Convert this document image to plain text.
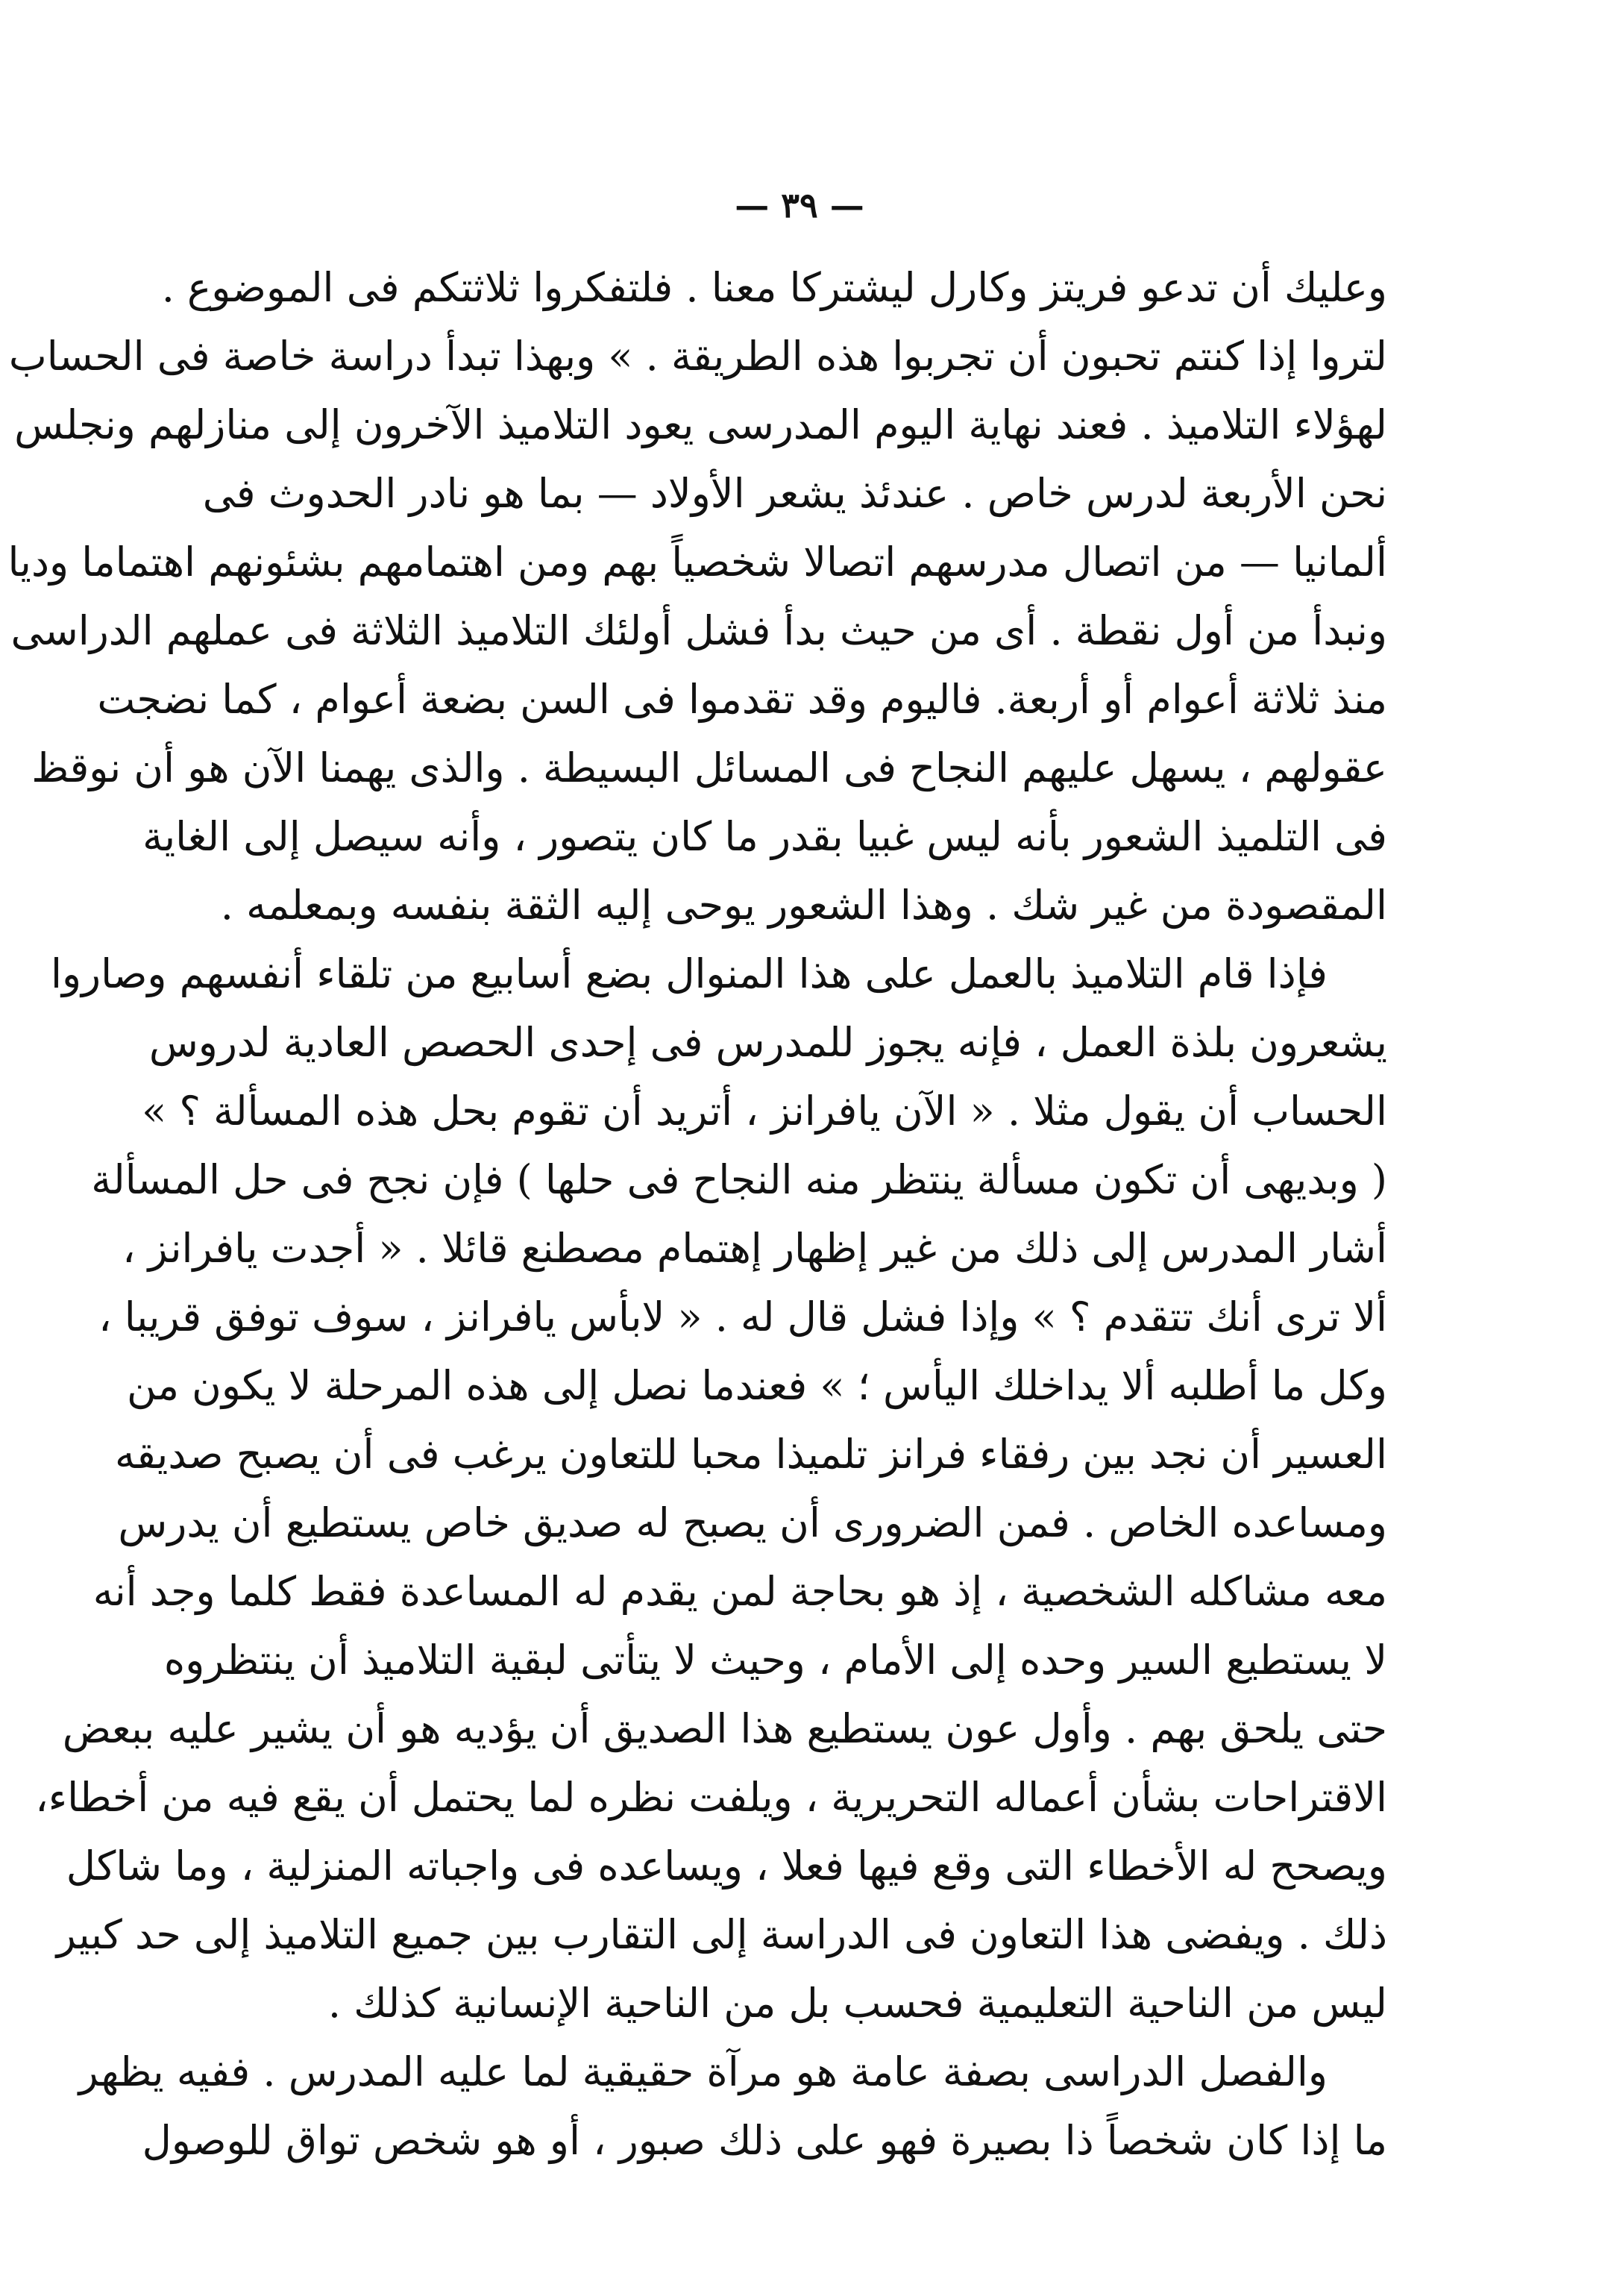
— ٣٩ —
وعليك أن تدعو فريتز وكارل ليشتركا معنا . فلتفكروا ثلاثتكم فى الموضوع .
لتروا إذا كنتم تحبون أن تجربوا هذه الطريقة . » وبهذا تبدأ دراسة خاصة فى الحساب
لهؤلاء التلاميذ . فعند نهاية اليوم المدرسى يعود التلاميذ الآخرون إلى منازلهم ونجلس
نحن الأربعة لدرس خاص . عندئذ يشعر الأولاد — بما هو نادر الحدوث فى
ألمانيا — من اتصال مدرسهم اتصالا شخصياً بهم ومن اهتمامهم بشئونهم اهتماما وديا
ونبدأ من أول نقطة . أى من حيث بدأ فشل أولئك التلاميذ الثلاثة فى عملهم الدراسى
منذ ثلاثة أعوام أو أربعة. فاليوم وقد تقدموا فى السن بضعة أعوام ، كما نضجت
عقولهم ، يسهل عليهم النجاح فى المسائل البسيطة . والذى يهمنا الآن هو أن نوقظ
فى التلميذ الشعور بأنه ليس غبيا بقدر ما كان يتصور ، وأنه سيصل إلى الغاية
المقصودة من غير شك . وهذا الشعور يوحى إليه الثقة بنفسه وبمعلمه .
فإذا قام التلاميذ بالعمل على هذا المنوال بضع أسابيع من تلقاء أنفسهم وصاروا
يشعرون بلذة العمل ، فإنه يجوز للمدرس فى إحدى الحصص العادية لدروس
الحساب أن يقول مثلا . « الآن يافرانز ، أتريد أن تقوم بحل هذه المسألة ؟ »
( وبديهى أن تكون مسألة ينتظر منه النجاح فى حلها ) فإن نجح فى حل المسألة
أشار المدرس إلى ذلك من غير إظهار إهتمام مصطنع قائلا . « أجدت يافرانز ،
ألا ترى أنك تتقدم ؟ » وإذا فشل قال له . « لابأس يافرانز ، سوف توفق قريبا ،
وكل ما أطلبه ألا يداخلك اليأس ؛ » فعندما نصل إلى هذه المرحلة لا يكون من
العسير أن نجد بين رفقاء فرانز تلميذا محبا للتعاون يرغب فى أن يصبح صديقه
ومساعده الخاص . فمن الضرورى أن يصبح له صديق خاص يستطيع أن يدرس
معه مشاكله الشخصية ، إذ هو بحاجة لمن يقدم له المساعدة فقط كلما وجد أنه
لا يستطيع السير وحده إلى الأمام ، وحيث لا يتأتى لبقية التلاميذ أن ينتظروه
حتى يلحق بهم . وأول عون يستطيع هذا الصديق أن يؤديه هو أن يشير عليه ببعض
الاقتراحات بشأن أعماله التحريرية ، ويلفت نظره لما يحتمل أن يقع فيه من أخطاء،
ويصحح له الأخطاء التى وقع فيها فعلا ، ويساعده فى واجباته المنزلية ، وما شاكل
ذلك . ويفضى هذا التعاون فى الدراسة إلى التقارب بين جميع التلاميذ إلى حد كبير
ليس من الناحية التعليمية فحسب بل من الناحية الإنسانية كذلك .
والفصل الدراسى بصفة عامة هو مرآة حقيقية لما عليه المدرس . ففيه يظهر
ما إذا كان شخصاً ذا بصيرة فهو على ذلك صبور ، أو هو شخص تواق للوصول
